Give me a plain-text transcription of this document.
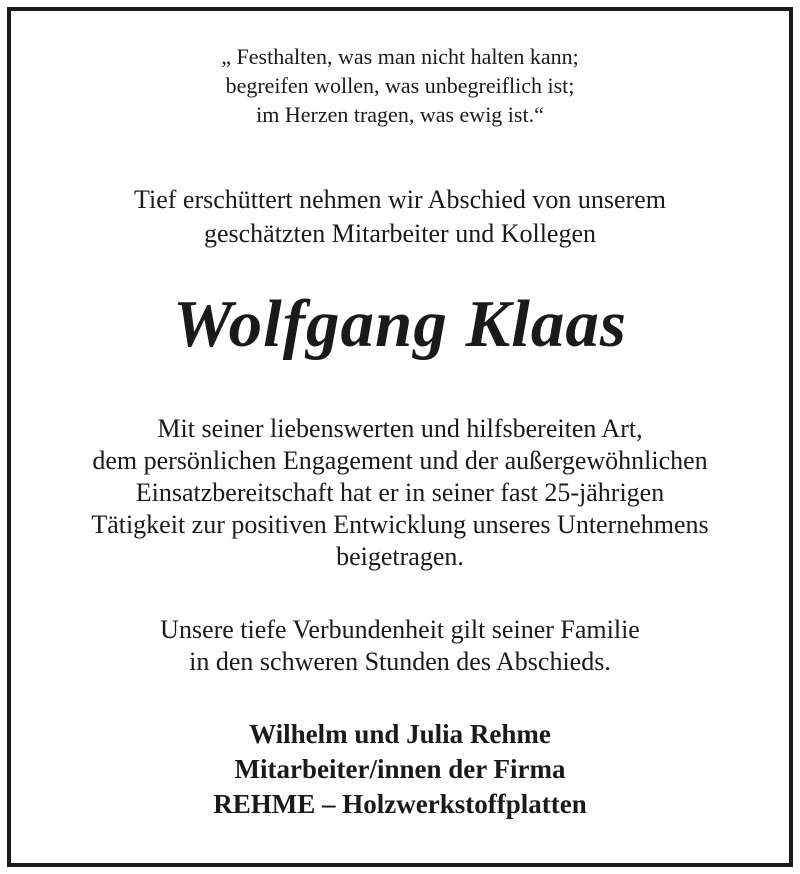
„ Festhalten, was man nicht halten kann;
begreifen wollen, was unbegreiflich ist;
im Herzen tragen, was ewig ist.“
Tief erschüttert nehmen wir Abschied von unserem
geschätzten Mitarbeiter und Kollegen
Wolfgang Klaas
Mit seiner liebenswerten und hilfsbereiten Art,
dem persönlichen Engagement und der außergewöhnlichen
Einsatzbereitschaft hat er in seiner fast 25-jährigen
Tätigkeit zur positiven Entwicklung unseres Unternehmens
beigetragen.
Unsere tiefe Verbundenheit gilt seiner Familie
in den schweren Stunden des Abschieds.
Wilhelm und Julia Rehme
Mitarbeiter/innen der Firma
REHME – Holzwerkstoffplatten
